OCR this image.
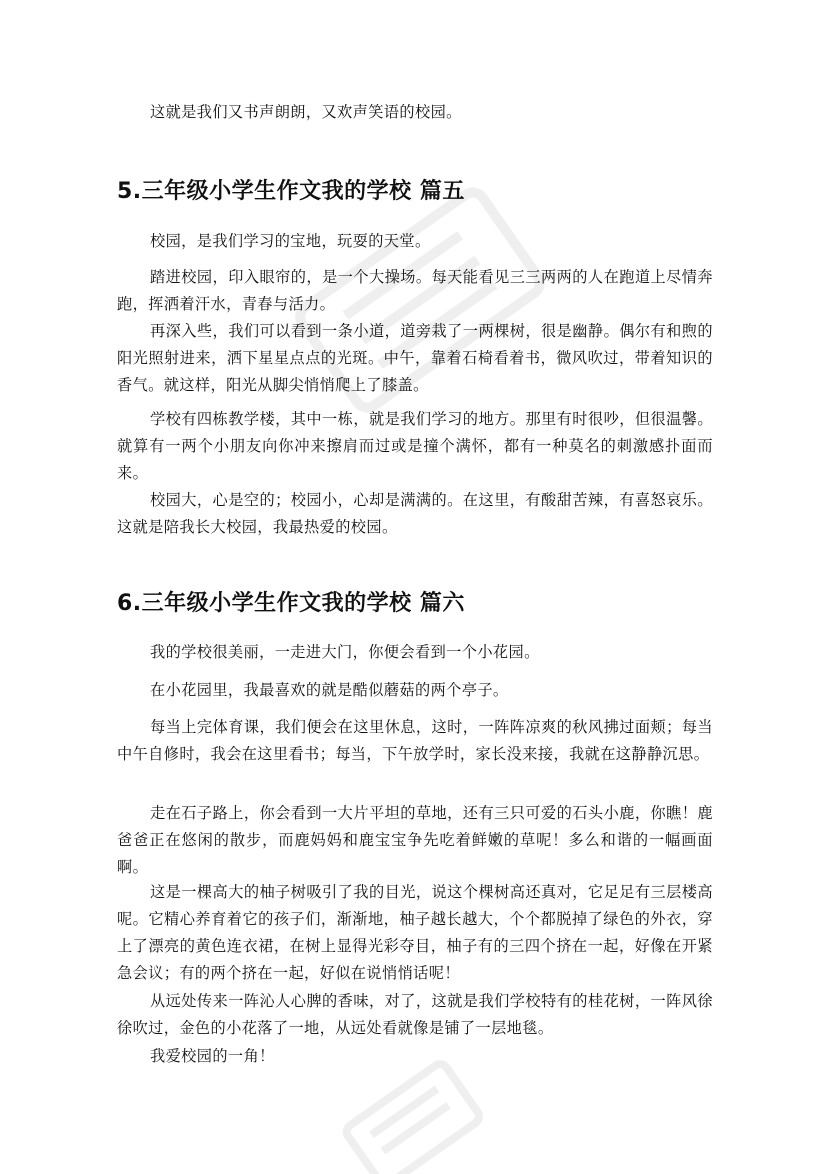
这就是我们又书声朗朗，又欢声笑语的校园。

5.三年级小学生作文我的学校 篇五

校园，是我们学习的宝地，玩耍的天堂。

踏进校园，印入眼帘的，是一个大操场。每天能看见三三两两的人在跑道上尽情奔跑，挥洒着汗水，青春与活力。

再深入些，我们可以看到一条小道，道旁栽了一两棵树，很是幽静。偶尔有和煦的阳光照射进来，洒下星星点点的光斑。中午，靠着石椅看着书，微风吹过，带着知识的香气。就这样，阳光从脚尖悄悄爬上了膝盖。

学校有四栋教学楼，其中一栋，就是我们学习的地方。那里有时很吵，但很温馨。就算有一两个小朋友向你冲来擦肩而过或是撞个满怀，都有一种莫名的刺激感扑面而来。

校园大，心是空的；校园小，心却是满满的。在这里，有酸甜苦辣，有喜怒哀乐。这就是陪我长大校园，我最热爱的校园。

6.三年级小学生作文我的学校 篇六

我的学校很美丽，一走进大门，你便会看到一个小花园。

在小花园里，我最喜欢的就是酷似蘑菇的两个亭子。

每当上完体育课，我们便会在这里休息，这时，一阵阵凉爽的秋风拂过面颊；每当中午自修时，我会在这里看书；每当，下午放学时，家长没来接，我就在这静静沉思。

走在石子路上，你会看到一大片平坦的草地，还有三只可爱的石头小鹿，你瞧！鹿爸爸正在悠闲的散步，而鹿妈妈和鹿宝宝争先吃着鲜嫩的草呢！多么和谐的一幅画面啊。

这是一棵高大的柚子树吸引了我的目光，说这个棵树高还真对，它足足有三层楼高呢。它精心养育着它的孩子们，渐渐地，柚子越长越大，个个都脱掉了绿色的外衣，穿上了漂亮的黄色连衣裙，在树上显得光彩夺目，柚子有的三四个挤在一起，好像在开紧急会议；有的两个挤在一起，好似在说悄悄话呢！

从远处传来一阵沁人心脾的香味，对了，这就是我们学校特有的桂花树，一阵风徐徐吹过，金色的小花落了一地，从远处看就像是铺了一层地毯。

我爱校园的一角！
